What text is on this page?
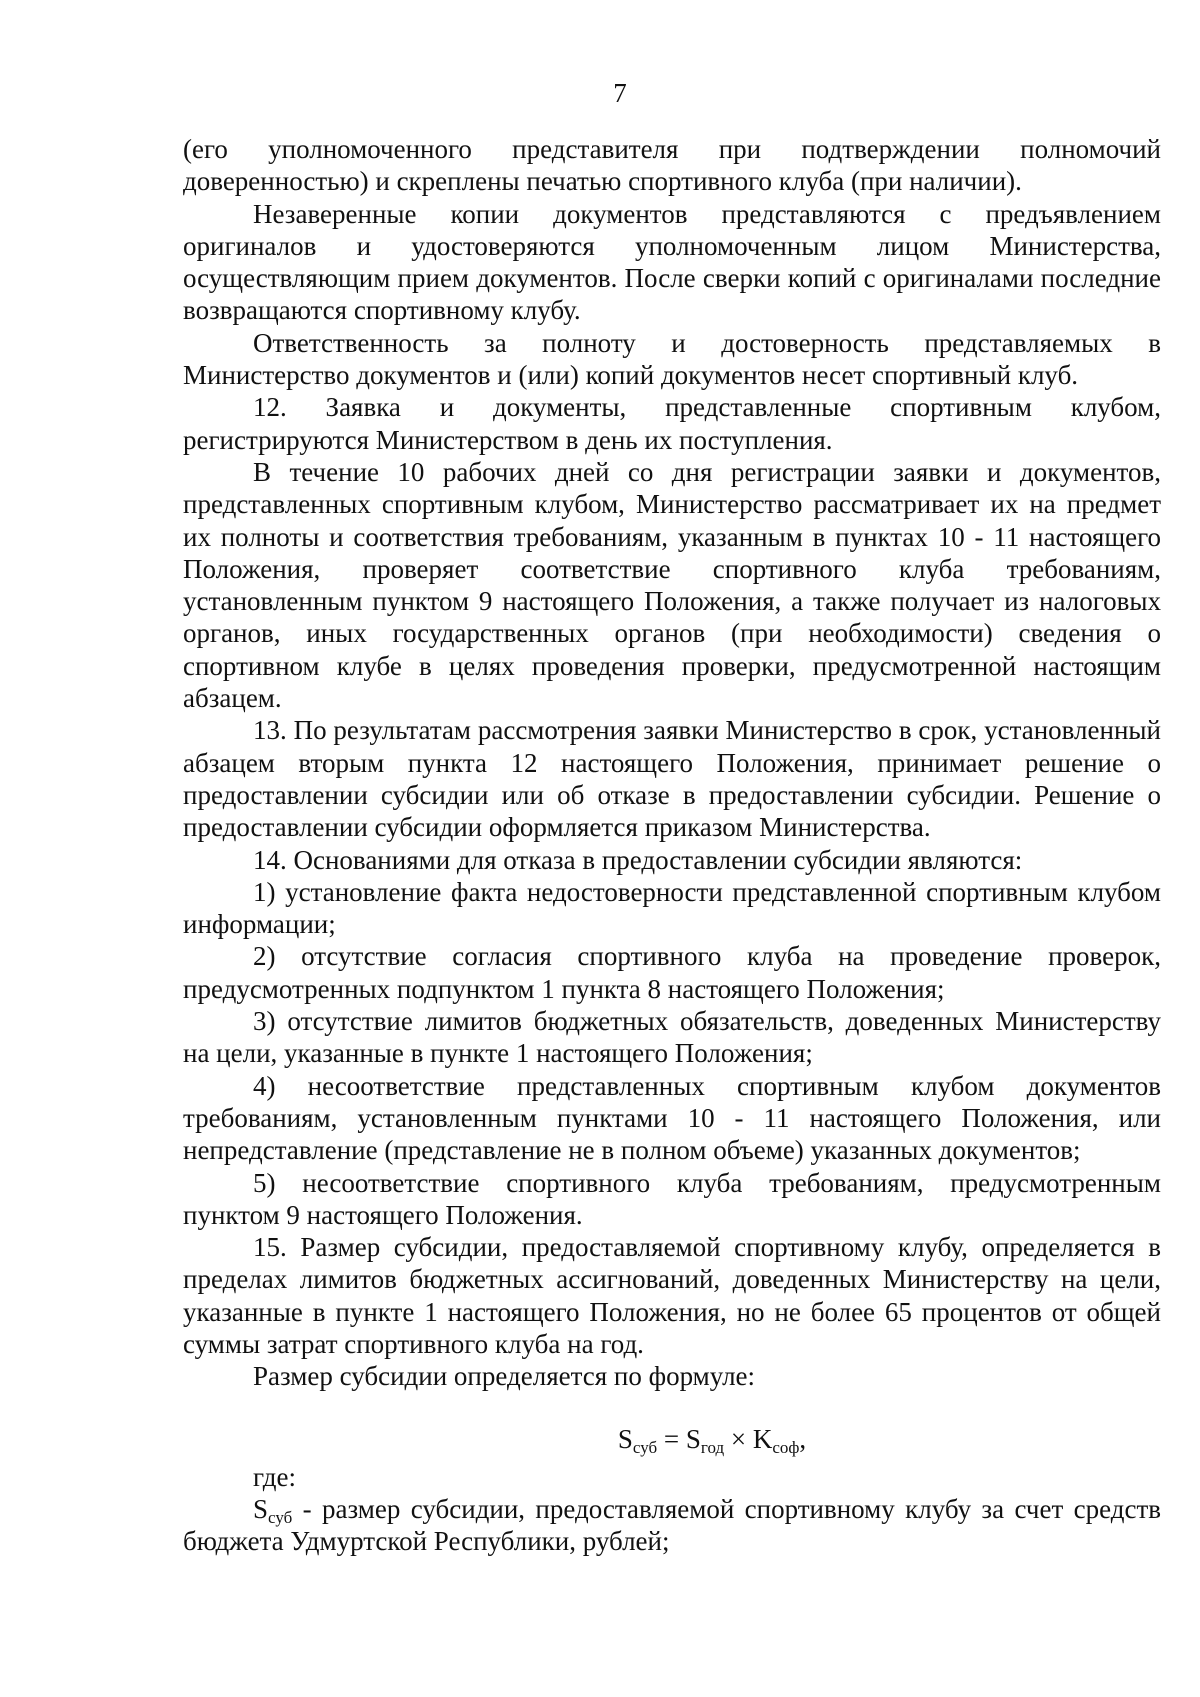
7

(его уполномоченного представителя при подтверждении полномочий доверенностью) и скреплены печатью спортивного клуба (при наличии).

Незаверенные копии документов представляются с предъявлением оригиналов и удостоверяются уполномоченным лицом Министерства, осуществляющим прием документов. После сверки копий с оригиналами последние возвращаются спортивному клубу.

Ответственность за полноту и достоверность представляемых в Министерство документов и (или) копий документов несет спортивный клуб.

12. Заявка и документы, представленные спортивным клубом, регистрируются Министерством в день их поступления.

В течение 10 рабочих дней со дня регистрации заявки и документов, представленных спортивным клубом, Министерство рассматривает их на предмет их полноты и соответствия требованиям, указанным в пунктах 10 - 11 настоящего Положения, проверяет соответствие спортивного клуба требованиям, установленным пунктом 9 настоящего Положения, а также получает из налоговых органов, иных государственных органов (при необходимости) сведения о спортивном клубе в целях проведения проверки, предусмотренной настоящим абзацем.

13. По результатам рассмотрения заявки Министерство в срок, установленный абзацем вторым пункта 12 настоящего Положения, принимает решение о предоставлении субсидии или об отказе в предоставлении субсидии. Решение о предоставлении субсидии оформляется приказом Министерства.

14. Основаниями для отказа в предоставлении субсидии являются:

1) установление факта недостоверности представленной спортивным клубом информации;

2) отсутствие согласия спортивного клуба на проведение проверок, предусмотренных подпунктом 1 пункта 8 настоящего Положения;

3) отсутствие лимитов бюджетных обязательств, доведенных Министерству на цели, указанные в пункте 1 настоящего Положения;

4) несоответствие представленных спортивным клубом документов требованиям, установленным пунктами 10 - 11 настоящего Положения, или непредставление (представление не в полном объеме) указанных документов;

5) несоответствие спортивного клуба требованиям, предусмотренным пунктом 9 настоящего Положения.

15. Размер субсидии, предоставляемой спортивному клубу, определяется в пределах лимитов бюджетных ассигнований, доведенных Министерству на цели, указанные в пункте 1 настоящего Положения, но не более 65 процентов от общей суммы затрат спортивного клуба на год.

Размер субсидии определяется по формуле:

$S_{суб} = S_{год} \times K_{соф}$,

где:

$S_{суб}$ - размер субсидии, предоставляемой спортивному клубу за счет средств бюджета Удмуртской Республики, рублей;
